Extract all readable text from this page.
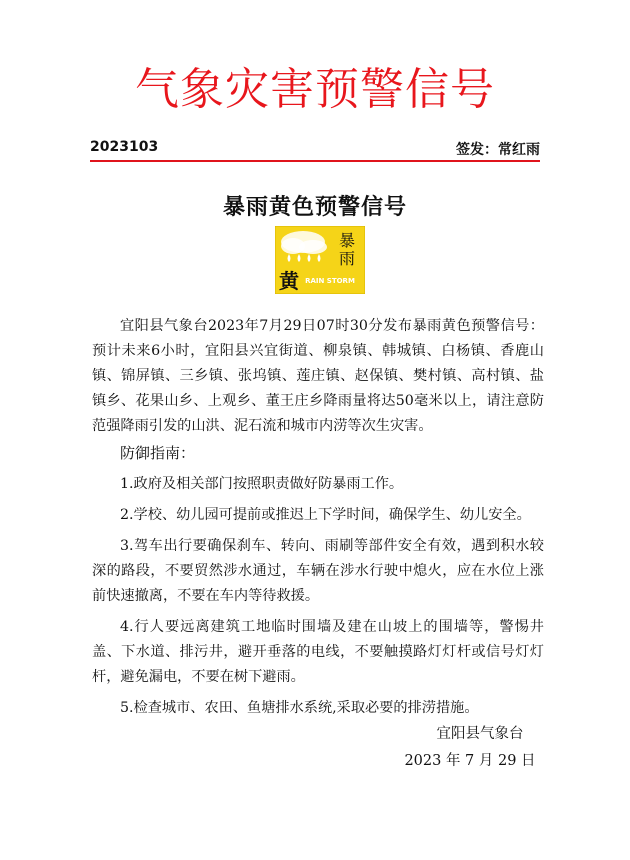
气象灾害预警信号
2023103	签发：常红雨
暴雨黄色预警信号
暴
雨
黄 RAIN STORM

宜阳县气象台2023年7月29日07时30分发布暴雨黄色预警信号：预计未来6小时，宜阳县兴宜街道、柳泉镇、韩城镇、白杨镇、香鹿山镇、锦屏镇、三乡镇、张坞镇、莲庄镇、赵保镇、樊村镇、高村镇、盐镇乡、花果山乡、上观乡、董王庄乡降雨量将达50毫米以上，请注意防范强降雨引发的山洪、泥石流和城市内涝等次生灾害。

防御指南：

1.政府及相关部门按照职责做好防暴雨工作。

2.学校、幼儿园可提前或推迟上下学时间，确保学生、幼儿安全。

3.驾车出行要确保刹车、转向、雨刷等部件安全有效，遇到积水较深的路段，不要贸然涉水通过，车辆在涉水行驶中熄火，应在水位上涨前快速撤离，不要在车内等待救援。

4.行人要远离建筑工地临时围墙及建在山坡上的围墙等，警惕井盖、下水道、排污井，避开垂落的电线，不要触摸路灯灯杆或信号灯灯杆，避免漏电，不要在树下避雨。

5.检查城市、农田、鱼塘排水系统,采取必要的排涝措施。

宜阳县气象台
2023 年 7 月 29 日
